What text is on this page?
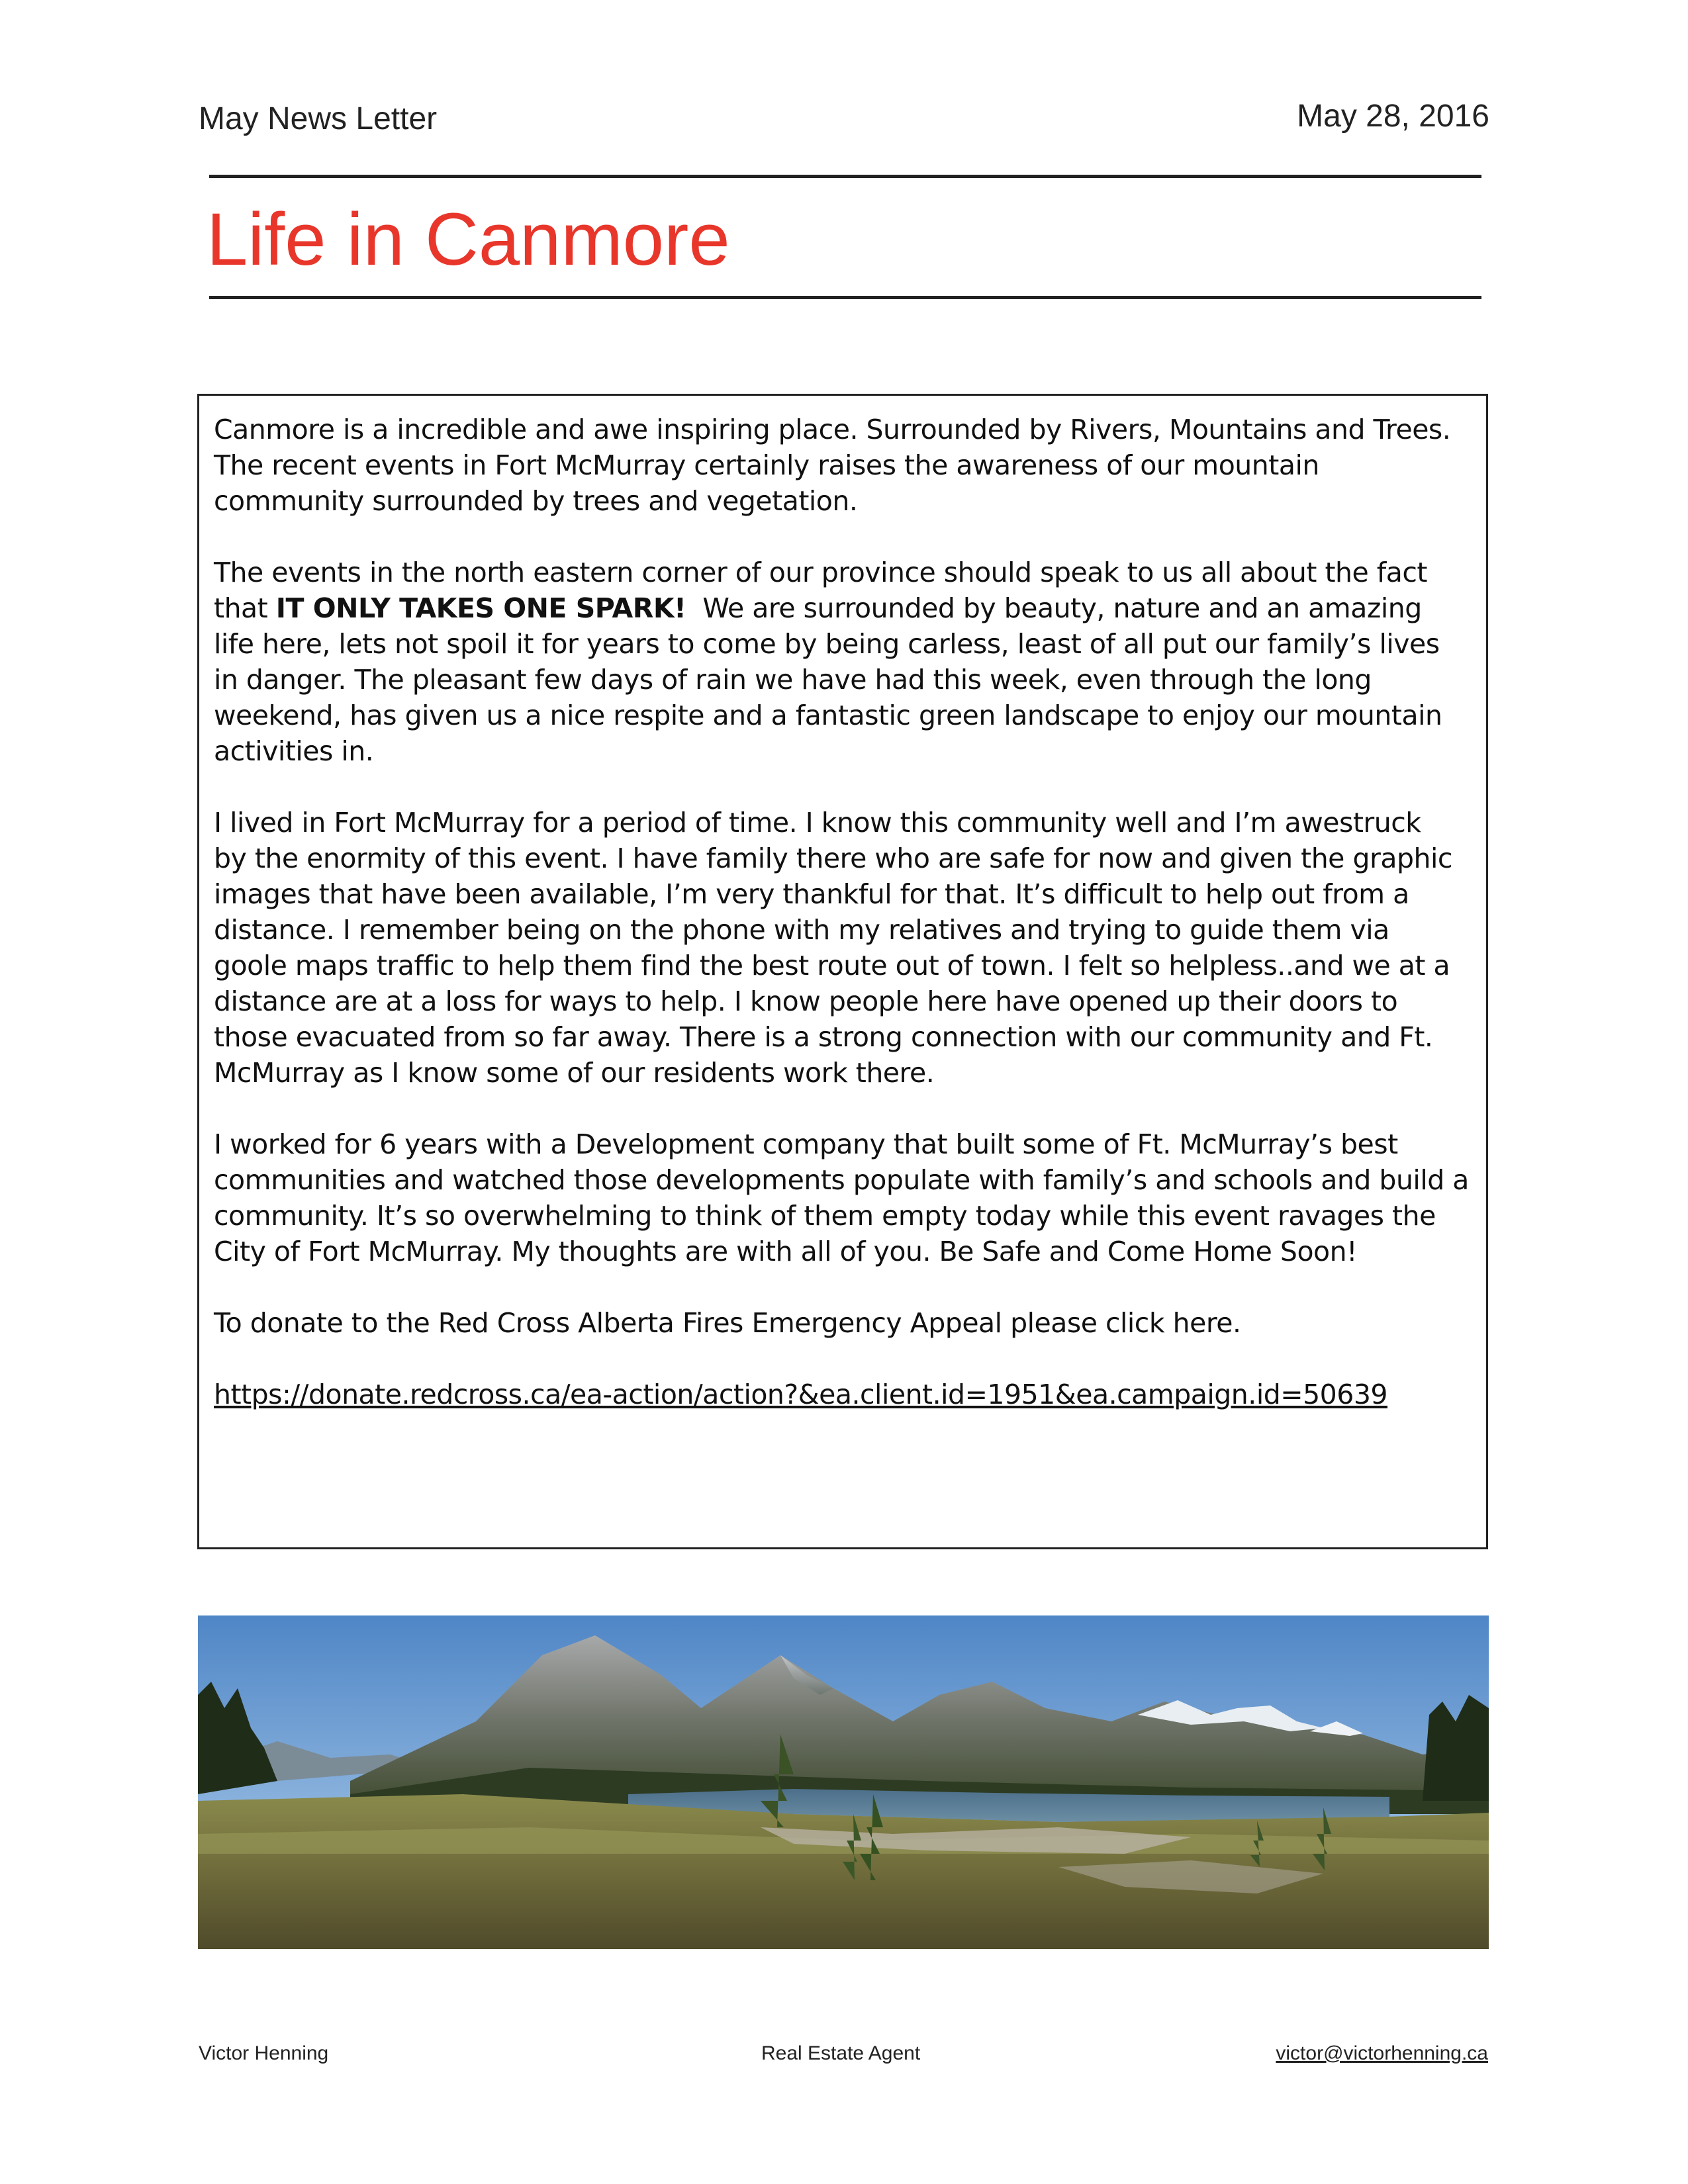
May News Letter	May 28, 2016
Life in Canmore

Canmore is a incredible and awe inspiring place. Surrounded by Rivers, Mountains and Trees.
The recent events in Fort McMurray certainly raises the awareness of our mountain
community surrounded by trees and vegetation.

The events in the north eastern corner of our province should speak to us all about the fact
that IT ONLY TAKES ONE SPARK!  We are surrounded by beauty, nature and an amazing
life here, lets not spoil it for years to come by being carless, least of all put our family’s lives
in danger. The pleasant few days of rain we have had this week, even through the long
weekend, has given us a nice respite and a fantastic green landscape to enjoy our mountain
activities in.

I lived in Fort McMurray for a period of time. I know this community well and I’m awestruck
by the enormity of this event. I have family there who are safe for now and given the graphic
images that have been available, I’m very thankful for that. It’s difficult to help out from a
distance. I remember being on the phone with my relatives and trying to guide them via
goole maps traffic to help them find the best route out of town. I felt so helpless..and we at a
distance are at a loss for ways to help. I know people here have opened up their doors to
those evacuated from so far away. There is a strong connection with our community and Ft.
McMurray as I know some of our residents work there.

I worked for 6 years with a Development company that built some of Ft. McMurray’s best
communities and watched those developments populate with family’s and schools and build a
community. It’s so overwhelming to think of them empty today while this event ravages the
City of Fort McMurray. My thoughts are with all of you. Be Safe and Come Home Soon!

To donate to the Red Cross Alberta Fires Emergency Appeal please click here.

https://donate.redcross.ca/ea-action/action?&ea.client.id=1951&ea.campaign.id=50639
Victor Henning	Real Estate Agent	victor@victorhenning.ca
